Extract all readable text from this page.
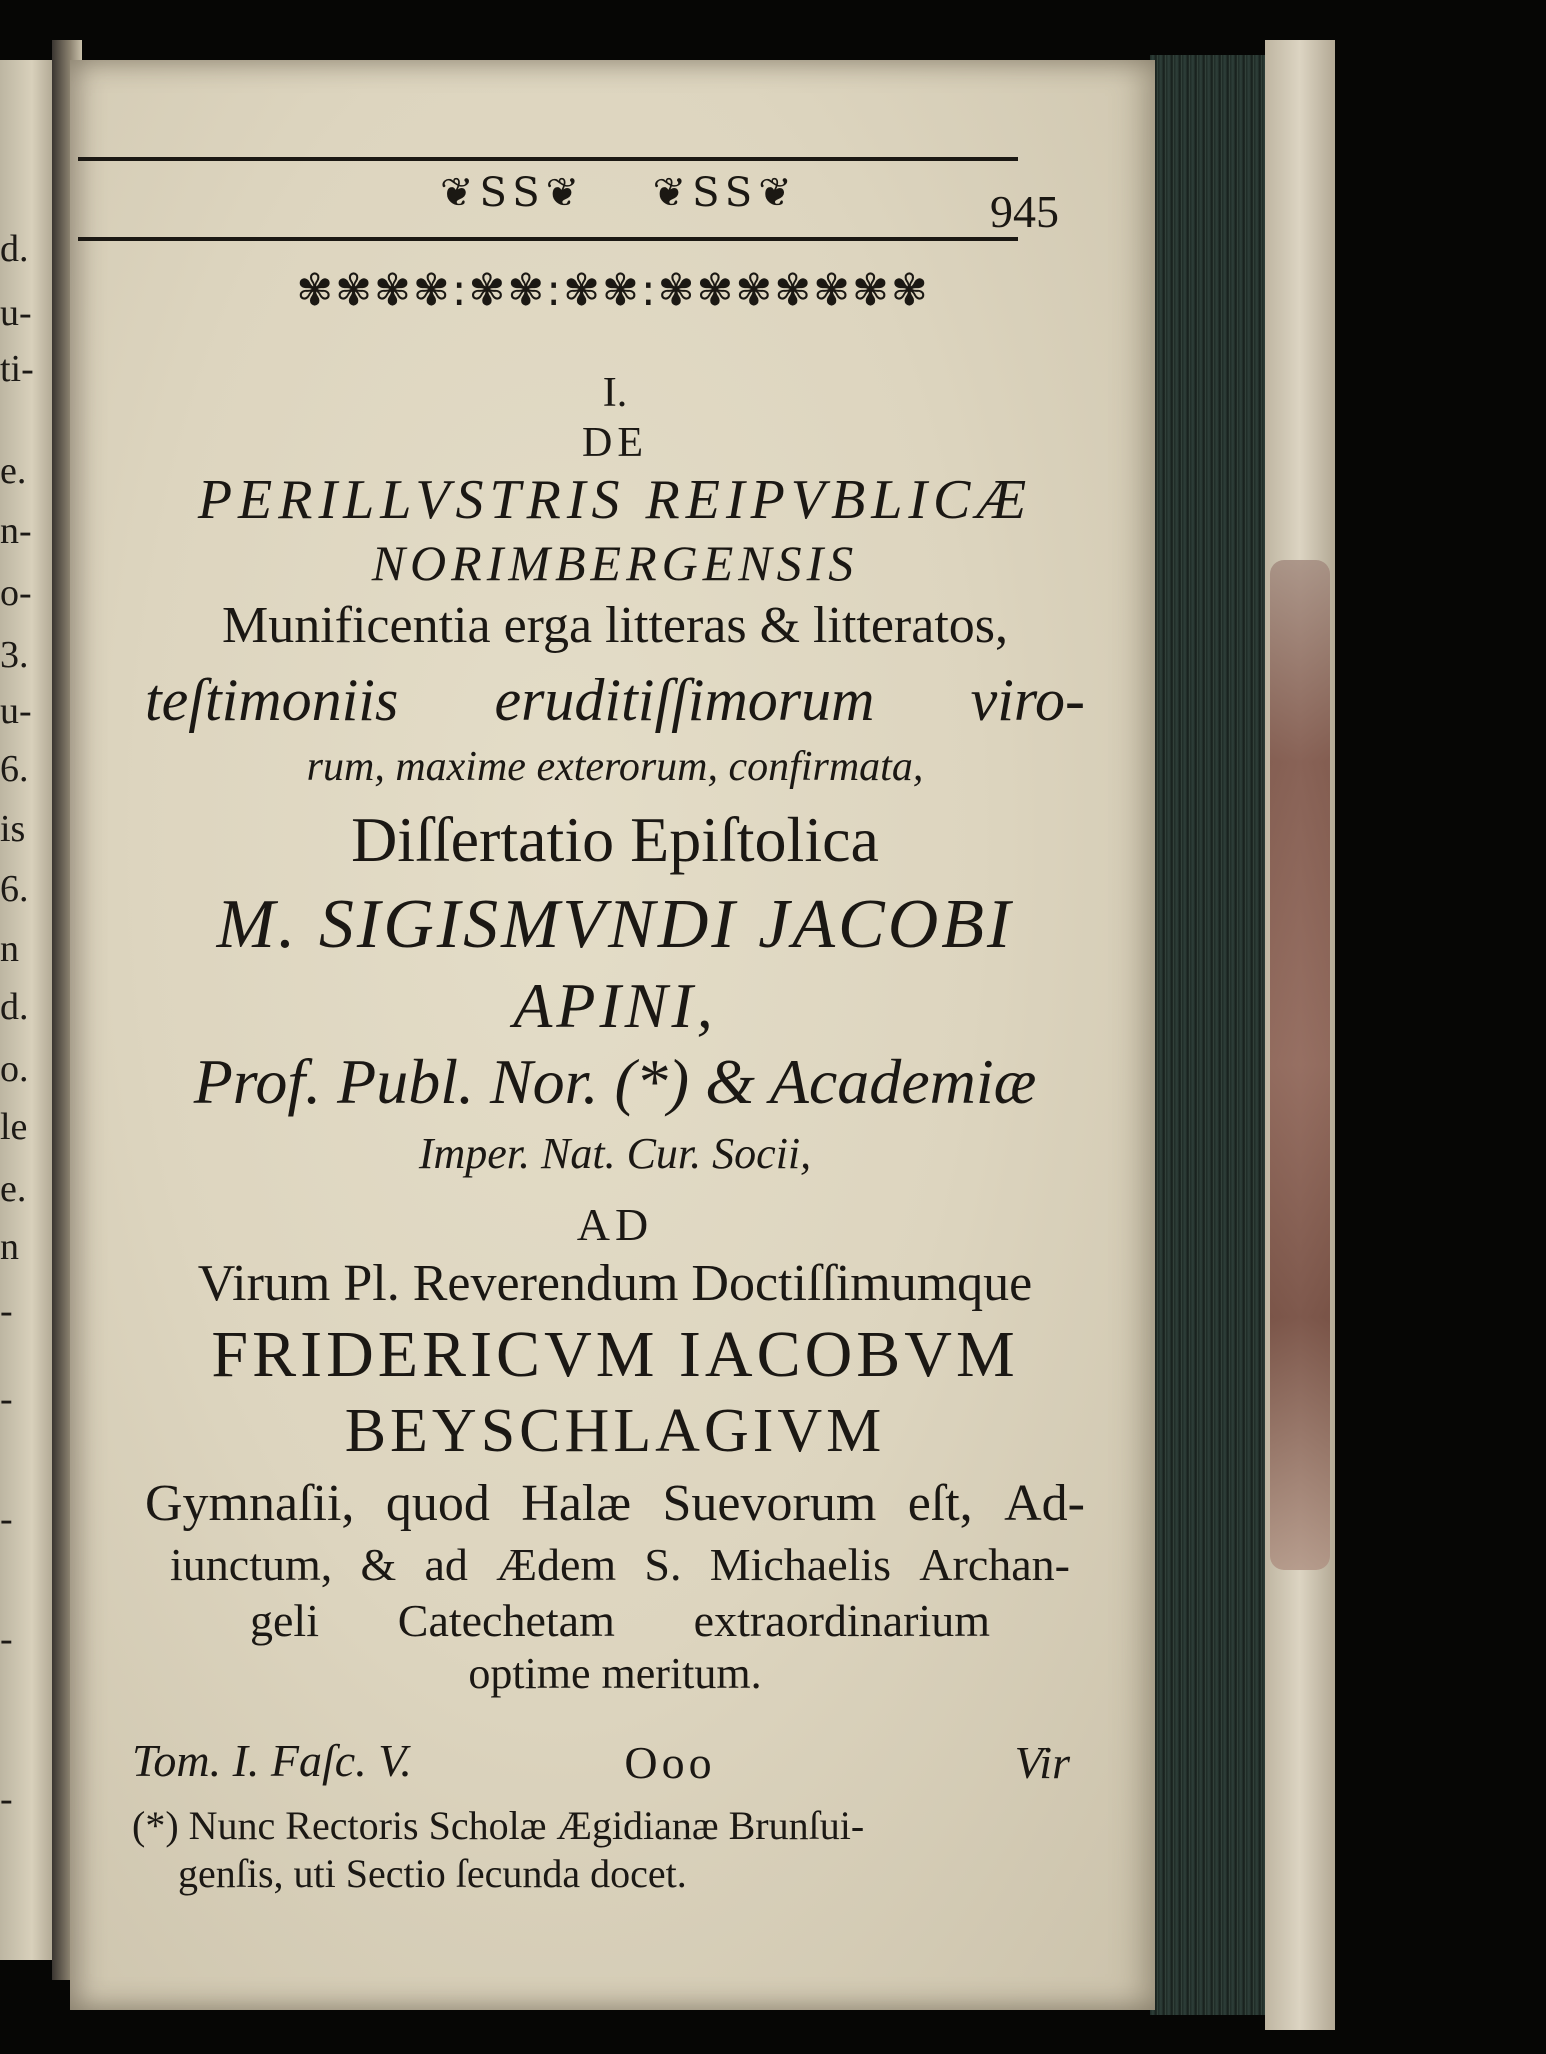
d.
u-
ti-
e.
n-
o-
3.
u-
6.
is
6.
n
d.
o.
le
e.
n
-
-
-
-
-
❦SS❦ ❦SS❦	945
✾✾✾✾:✾✾:✾✾:✾✾✾✾✾✾✾
I.
DE
PERILLVSTRIS REIPVBLICÆ
NORIMBERGENSIS
Munificentia erga litteras & litteratos,
teſtimoniis eruditiſſimorum viro-
rum, maxime exterorum, confirmata,
Diſſertatio Epiſtolica
M. SIGISMVNDI JACOBI
APINI,
Prof. Publ. Nor. (*) & Academiæ
Imper. Nat. Cur. Socii,
AD
Virum Pl. Reverendum Doctiſſimumque
FRIDERICVM IACOBVM
BEYSCHLAGIVM
Gymnaſii, quod Halæ Suevorum eſt, Ad-
iunctum, & ad Ædem S. Michaelis Archan-
geli Catechetam extraordinarium
optime meritum.
Tom. I. Faſc. V.	Ooo	Vir
(*) Nunc Rectoris Scholæ Ægidianæ Brunſui-
genſis, uti Sectio ſecunda docet.
